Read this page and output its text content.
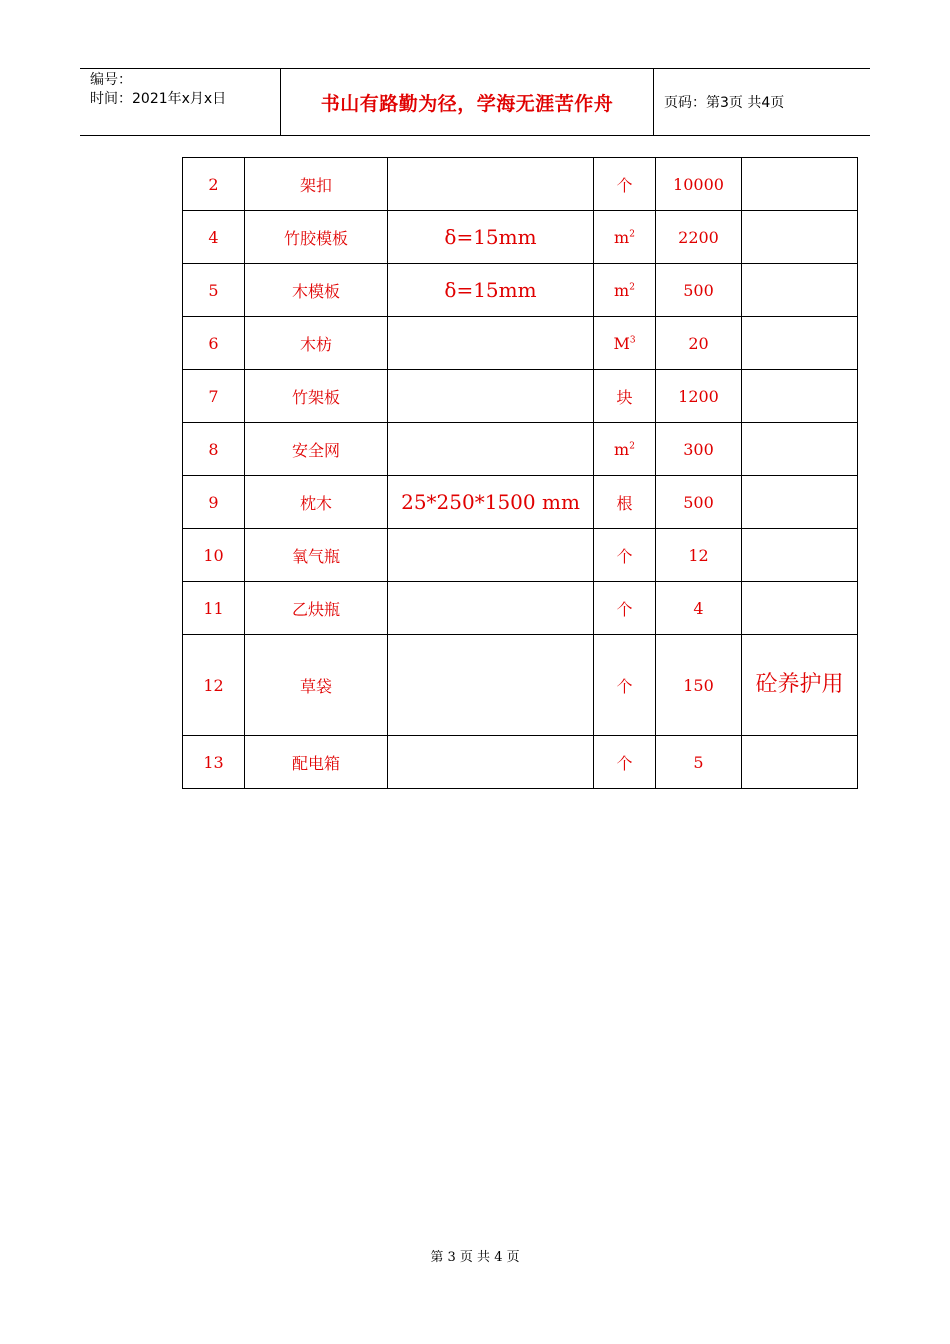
编号：
时间：2021年x月x日	书山有路勤为径，学海无涯苦作舟	页码：第3页 共4页
2	架扣		个	10000	
4	竹胶模板	δ=15mm	$m^2$	2200	
5	木模板	δ=15mm	$m^2$	500	
6	木枋		$M^3$	20	
7	竹架板		块	1200	
8	安全网		$m^2$	300	
9	枕木	25*250*1500 mm	根	500	
10	氧气瓶		个	12	
11	乙炔瓶		个	4	
12	草袋		个	150	砼养护用
13	配电箱		个	5	
第 3 页 共 4 页
